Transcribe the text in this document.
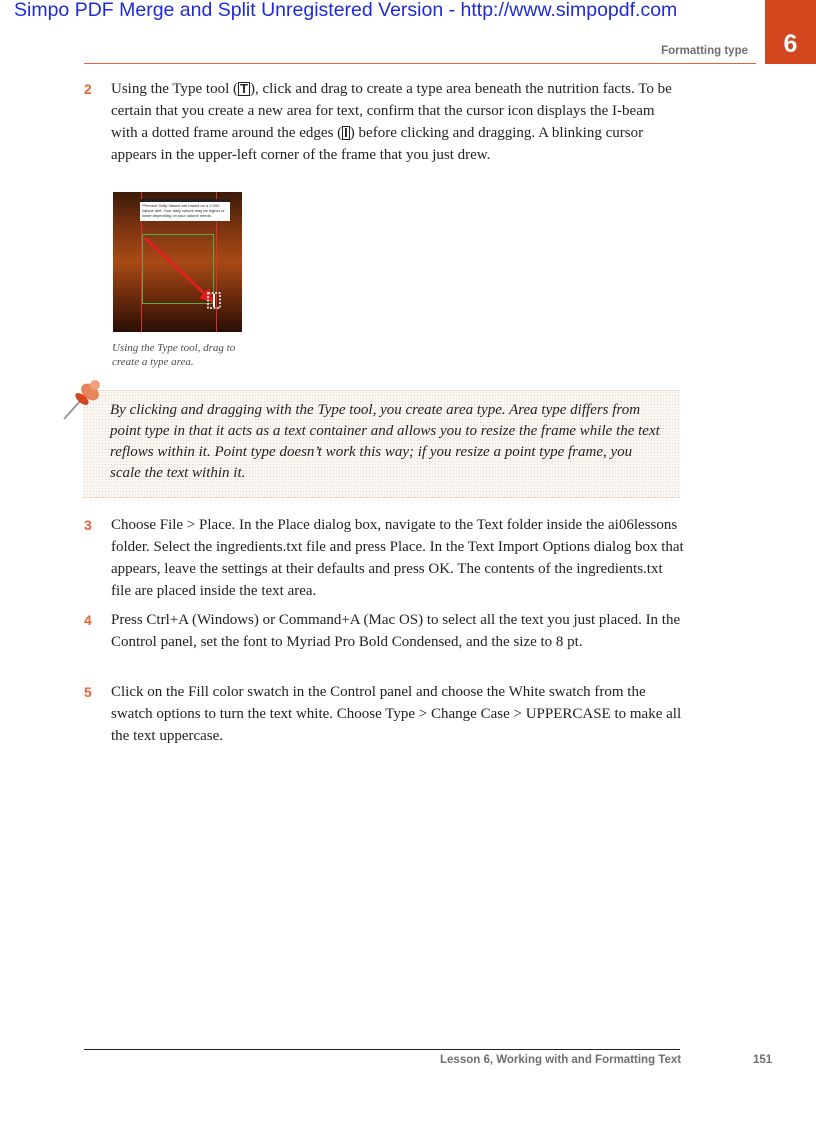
Simpo PDF Merge and Split Unregistered Version - http://www.simpopdf.com
Formatting type	6
2 Using the Type tool ( T ), click and drag to create a type area beneath the nutrition facts. To be certain that you create a new area for text, confirm that the cursor icon displays the I-beam with a dotted frame around the edges ( I ) before clicking and dragging. A blinking cursor appears in the upper-left corner of the frame that you just drew.
*Percent Daily Values are based on a 2,000 calorie diet. Your daily values may be higher or lower depending on your calorie needs.
Using the Type tool, drag to create a type area.
By clicking and dragging with the Type tool, you create area type. Area type differs from point type in that it acts as a text container and allows you to resize the frame while the text reflows within it. Point type doesn’t work this way; if you resize a point type frame, you scale the text within it.
3 Choose File > Place. In the Place dialog box, navigate to the Text folder inside the ai06lessons folder. Select the ingredients.txt file and press Place. In the Text Import Options dialog box that appears, leave the settings at their defaults and press OK. The contents of the ingredients.txt file are placed inside the text area.
4 Press Ctrl+A (Windows) or Command+A (Mac OS) to select all the text you just placed. In the Control panel, set the font to Myriad Pro Bold Condensed, and the size to 8 pt.
5 Click on the Fill color swatch in the Control panel and choose the White swatch from the swatch options to turn the text white. Choose Type > Change Case > UPPERCASE to make all the text uppercase.
Lesson 6, Working with and Formatting Text	151
